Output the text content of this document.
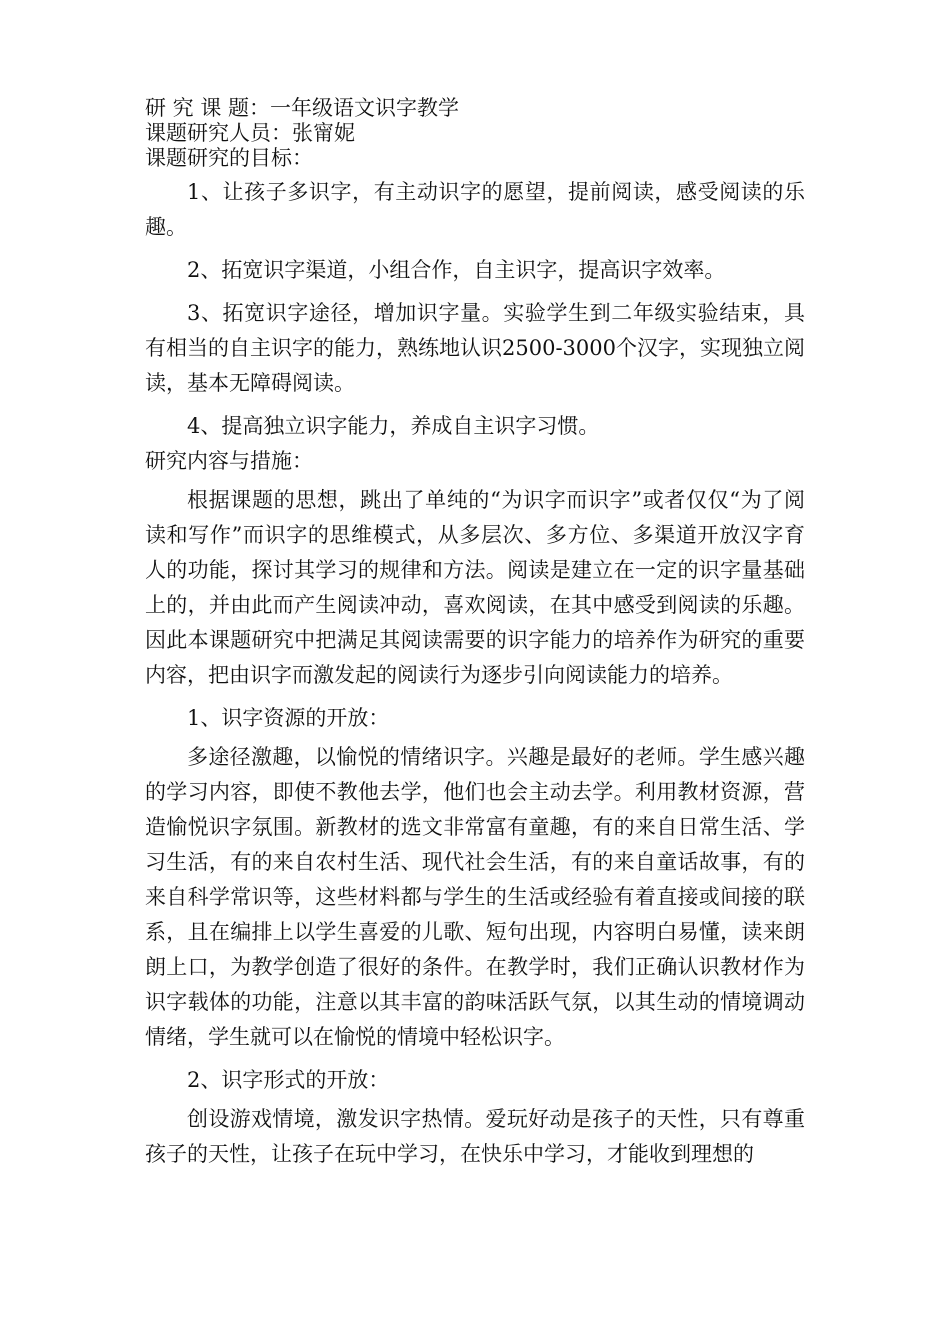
研 究 课 题：一年级语文识字教学
课题研究人员：张甯妮
课题研究的目标：

1、让孩子多识字，有主动识字的愿望，提前阅读，感受阅读的乐趣。

2、拓宽识字渠道，小组合作，自主识字，提高识字效率。

3、拓宽识字途径，增加识字量。实验学生到二年级实验结束，具有相当的自主识字的能力，熟练地认识2500-3000个汉字，实现独立阅读，基本无障碍阅读。

4、提高独立识字能力，养成自主识字习惯。

研究内容与措施：

根据课题的思想，跳出了单纯的“为识字而识字”或者仅仅“为了阅读和写作”而识字的思维模式，从多层次、多方位、多渠道开放汉字育人的功能，探讨其学习的规律和方法。阅读是建立在一定的识字量基础上的，并由此而产生阅读冲动，喜欢阅读，在其中感受到阅读的乐趣。因此本课题研究中把满足其阅读需要的识字能力的培养作为研究的重要内容，把由识字而激发起的阅读行为逐步引向阅读能力的培养。

1、识字资源的开放：

多途径激趣，以愉悦的情绪识字。兴趣是最好的老师。学生感兴趣的学习内容，即使不教他去学，他们也会主动去学。利用教材资源，营造愉悦识字氛围。新教材的选文非常富有童趣，有的来自日常生活、学习生活，有的来自农村生活、现代社会生活，有的来自童话故事，有的来自科学常识等，这些材料都与学生的生活或经验有着直接或间接的联系，且在编排上以学生喜爱的儿歌、短句出现，内容明白易懂，读来朗朗上口，为教学创造了很好的条件。在教学时，我们正确认识教材作为识字载体的功能，注意以其丰富的韵味活跃气氛，以其生动的情境调动情绪，学生就可以在愉悦的情境中轻松识字。

2、识字形式的开放：

创设游戏情境，激发识字热情。爱玩好动是孩子的天性，只有尊重孩子的天性，让孩子在玩中学习，在快乐中学习，才能收到理想的
